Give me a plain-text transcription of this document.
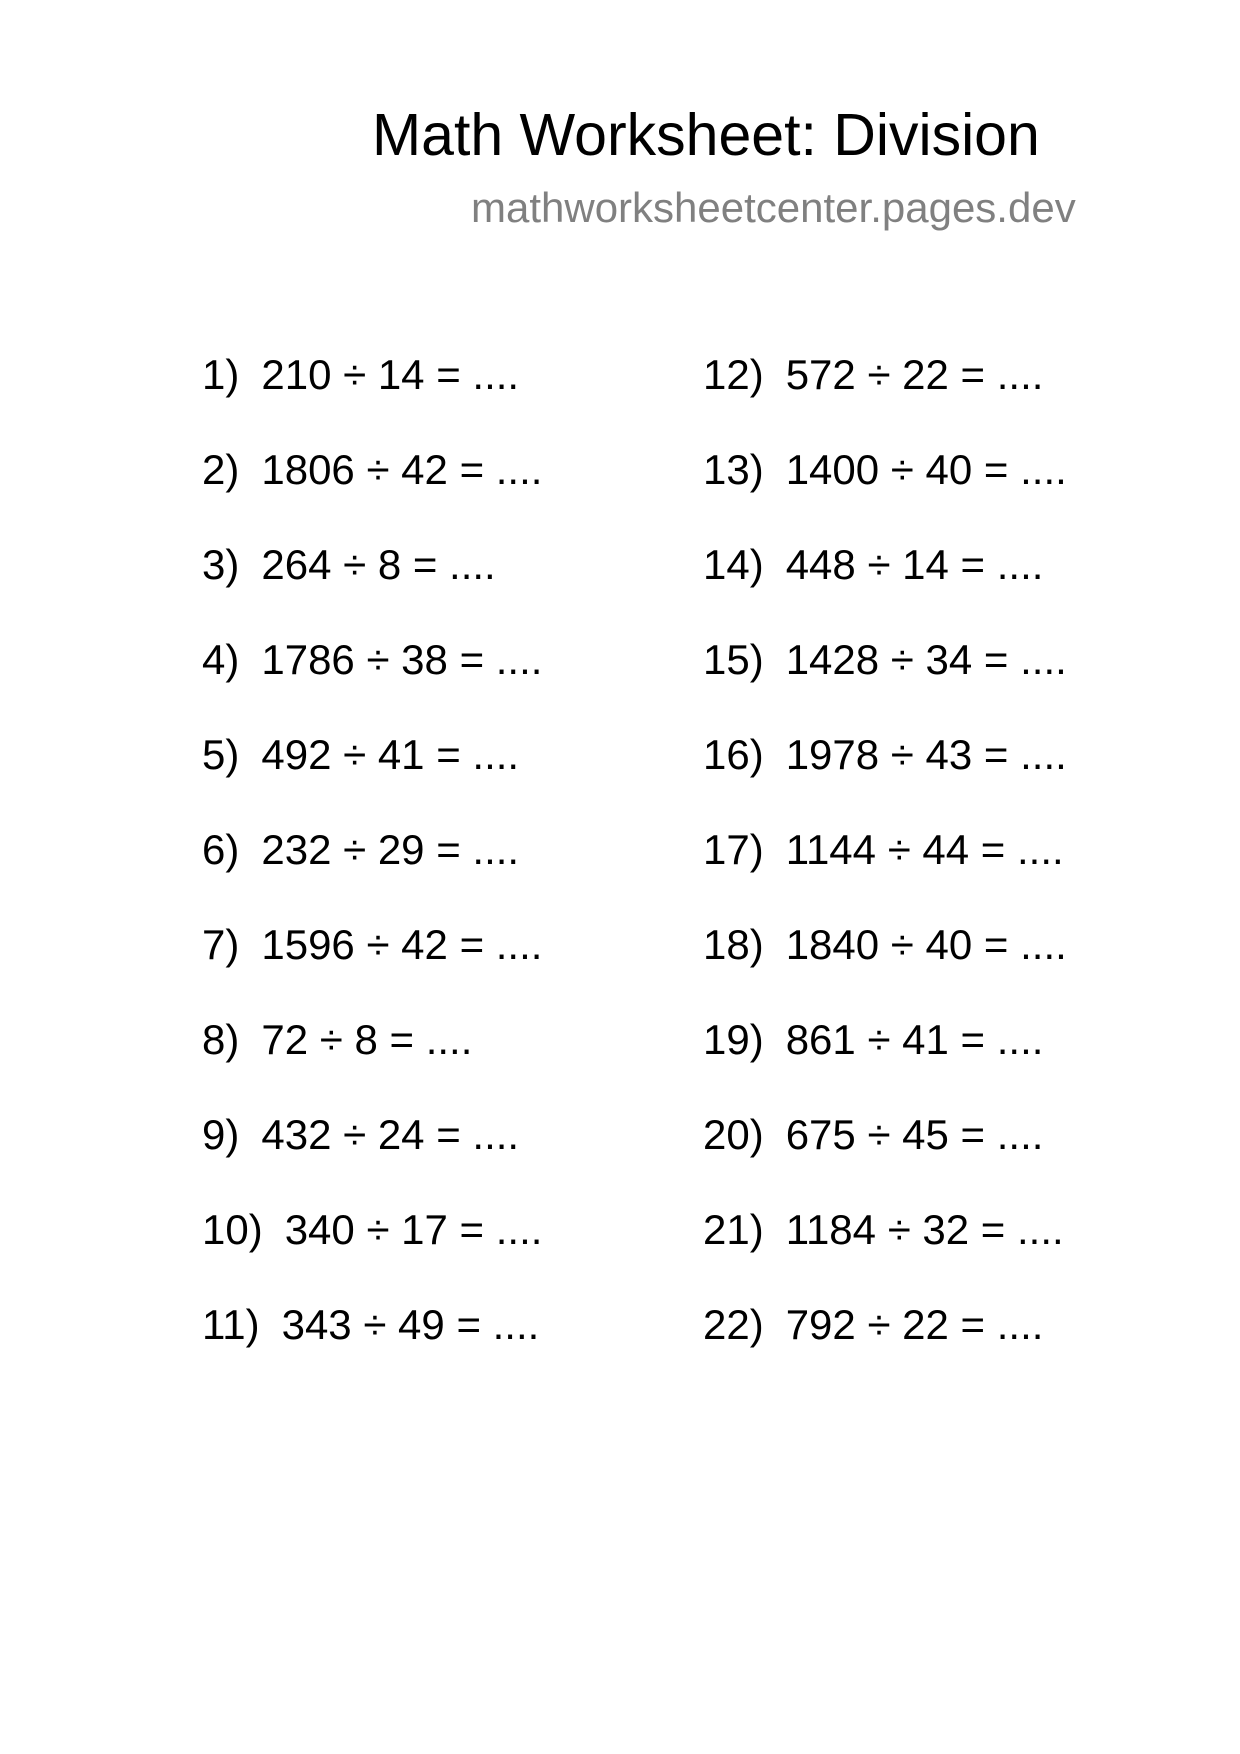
Math Worksheet: Division
mathworksheetcenter.pages.dev
1) 210 ÷ 14 = ....
2) 1806 ÷ 42 = ....
3) 264 ÷ 8 = ....
4) 1786 ÷ 38 = ....
5) 492 ÷ 41 = ....
6) 232 ÷ 29 = ....
7) 1596 ÷ 42 = ....
8) 72 ÷ 8 = ....
9) 432 ÷ 24 = ....
10) 340 ÷ 17 = ....
11) 343 ÷ 49 = ....
12) 572 ÷ 22 = ....
13) 1400 ÷ 40 = ....
14) 448 ÷ 14 = ....
15) 1428 ÷ 34 = ....
16) 1978 ÷ 43 = ....
17) 1144 ÷ 44 = ....
18) 1840 ÷ 40 = ....
19) 861 ÷ 41 = ....
20) 675 ÷ 45 = ....
21) 1184 ÷ 32 = ....
22) 792 ÷ 22 = ....
